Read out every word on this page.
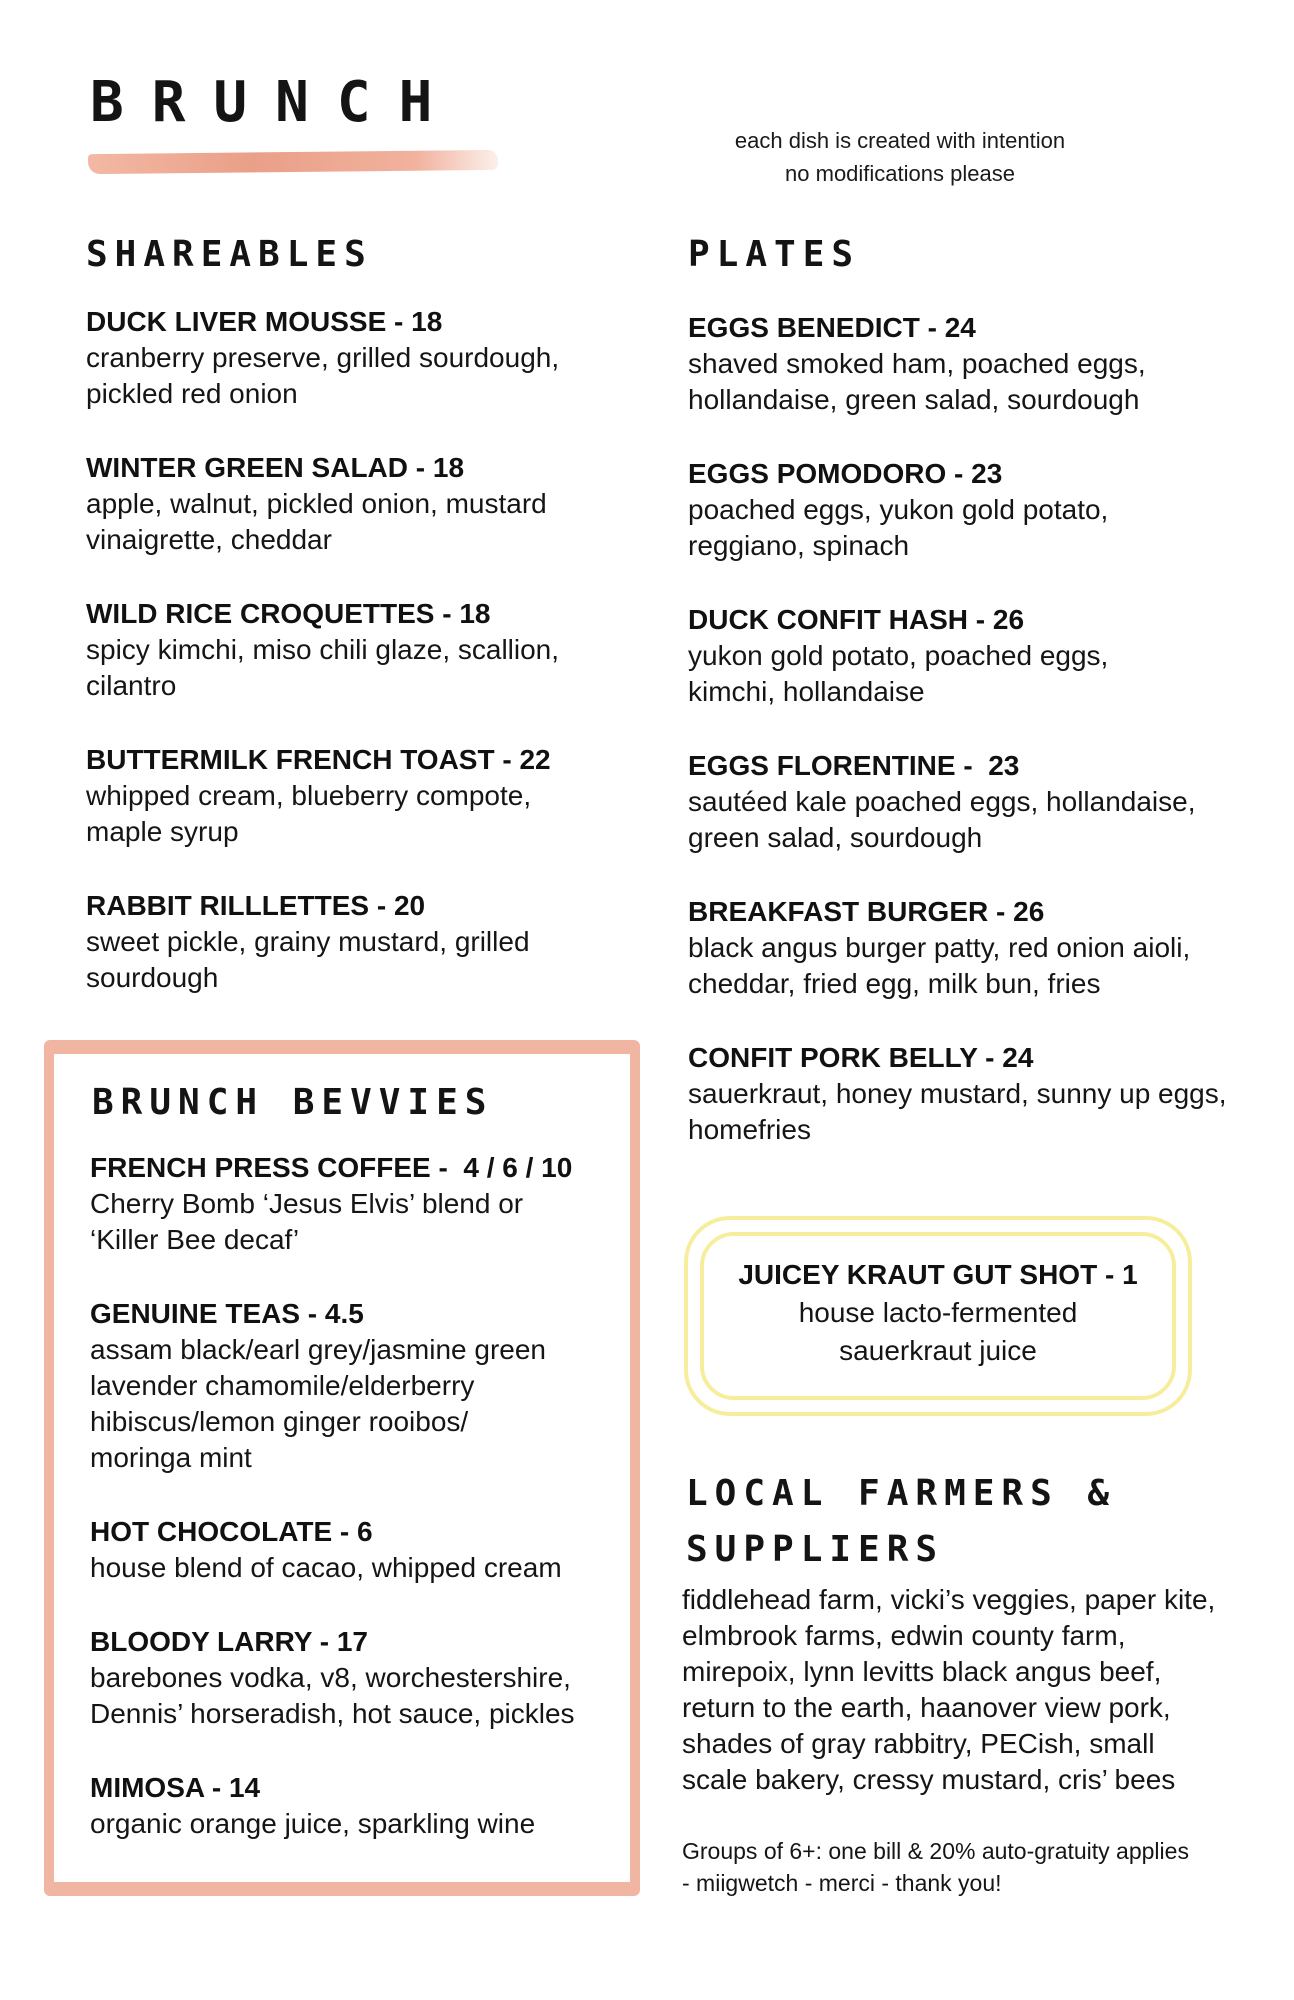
BRUNCH
each dish is created with intention
no modifications please
SHAREABLES
DUCK LIVER MOUSSE - 18
cranberry preserve, grilled sourdough,
pickled red onion
WINTER GREEN SALAD - 18
apple, walnut, pickled onion, mustard
vinaigrette, cheddar
WILD RICE CROQUETTES - 18
spicy kimchi, miso chili glaze, scallion,
cilantro
BUTTERMILK FRENCH TOAST - 22
whipped cream, blueberry compote,
maple syrup
RABBIT RILLLETTES - 20
sweet pickle, grainy mustard, grilled
sourdough
PLATES
EGGS BENEDICT - 24
shaved smoked ham, poached eggs,
hollandaise, green salad, sourdough
EGGS POMODORO - 23
poached eggs, yukon gold potato,
reggiano, spinach
DUCK CONFIT HASH - 26
yukon gold potato, poached eggs,
kimchi, hollandaise
EGGS FLORENTINE -  23
sautéed kale poached eggs, hollandaise,
green salad, sourdough
BREAKFAST BURGER - 26
black angus burger patty, red onion aioli,
cheddar, fried egg, milk bun, fries
CONFIT PORK BELLY - 24
sauerkraut, honey mustard, sunny up eggs,
homefries
BRUNCH BEVVIES
FRENCH PRESS COFFEE -  4 / 6 / 10
Cherry Bomb ‘Jesus Elvis’ blend or
‘Killer Bee decaf’
GENUINE TEAS - 4.5
assam black/earl grey/jasmine green
lavender chamomile/elderberry
hibiscus/lemon ginger rooibos/
moringa mint
HOT CHOCOLATE - 6
house blend of cacao, whipped cream
BLOODY LARRY - 17
barebones vodka, v8, worchestershire,
Dennis’ horseradish, hot sauce, pickles
MIMOSA - 14
organic orange juice, sparkling wine
JUICEY KRAUT GUT SHOT - 1
house lacto-fermented
sauerkraut juice
LOCAL FARMERS &
SUPPLIERS
fiddlehead farm, vicki’s veggies, paper kite,
elmbrook farms, edwin county farm,
mirepoix, lynn levitts black angus beef,
return to the earth, haanover view pork,
shades of gray rabbitry, PECish, small
scale bakery, cressy mustard, cris’ bees
Groups of 6+: one bill & 20% auto-gratuity applies
- miigwetch - merci - thank you!
